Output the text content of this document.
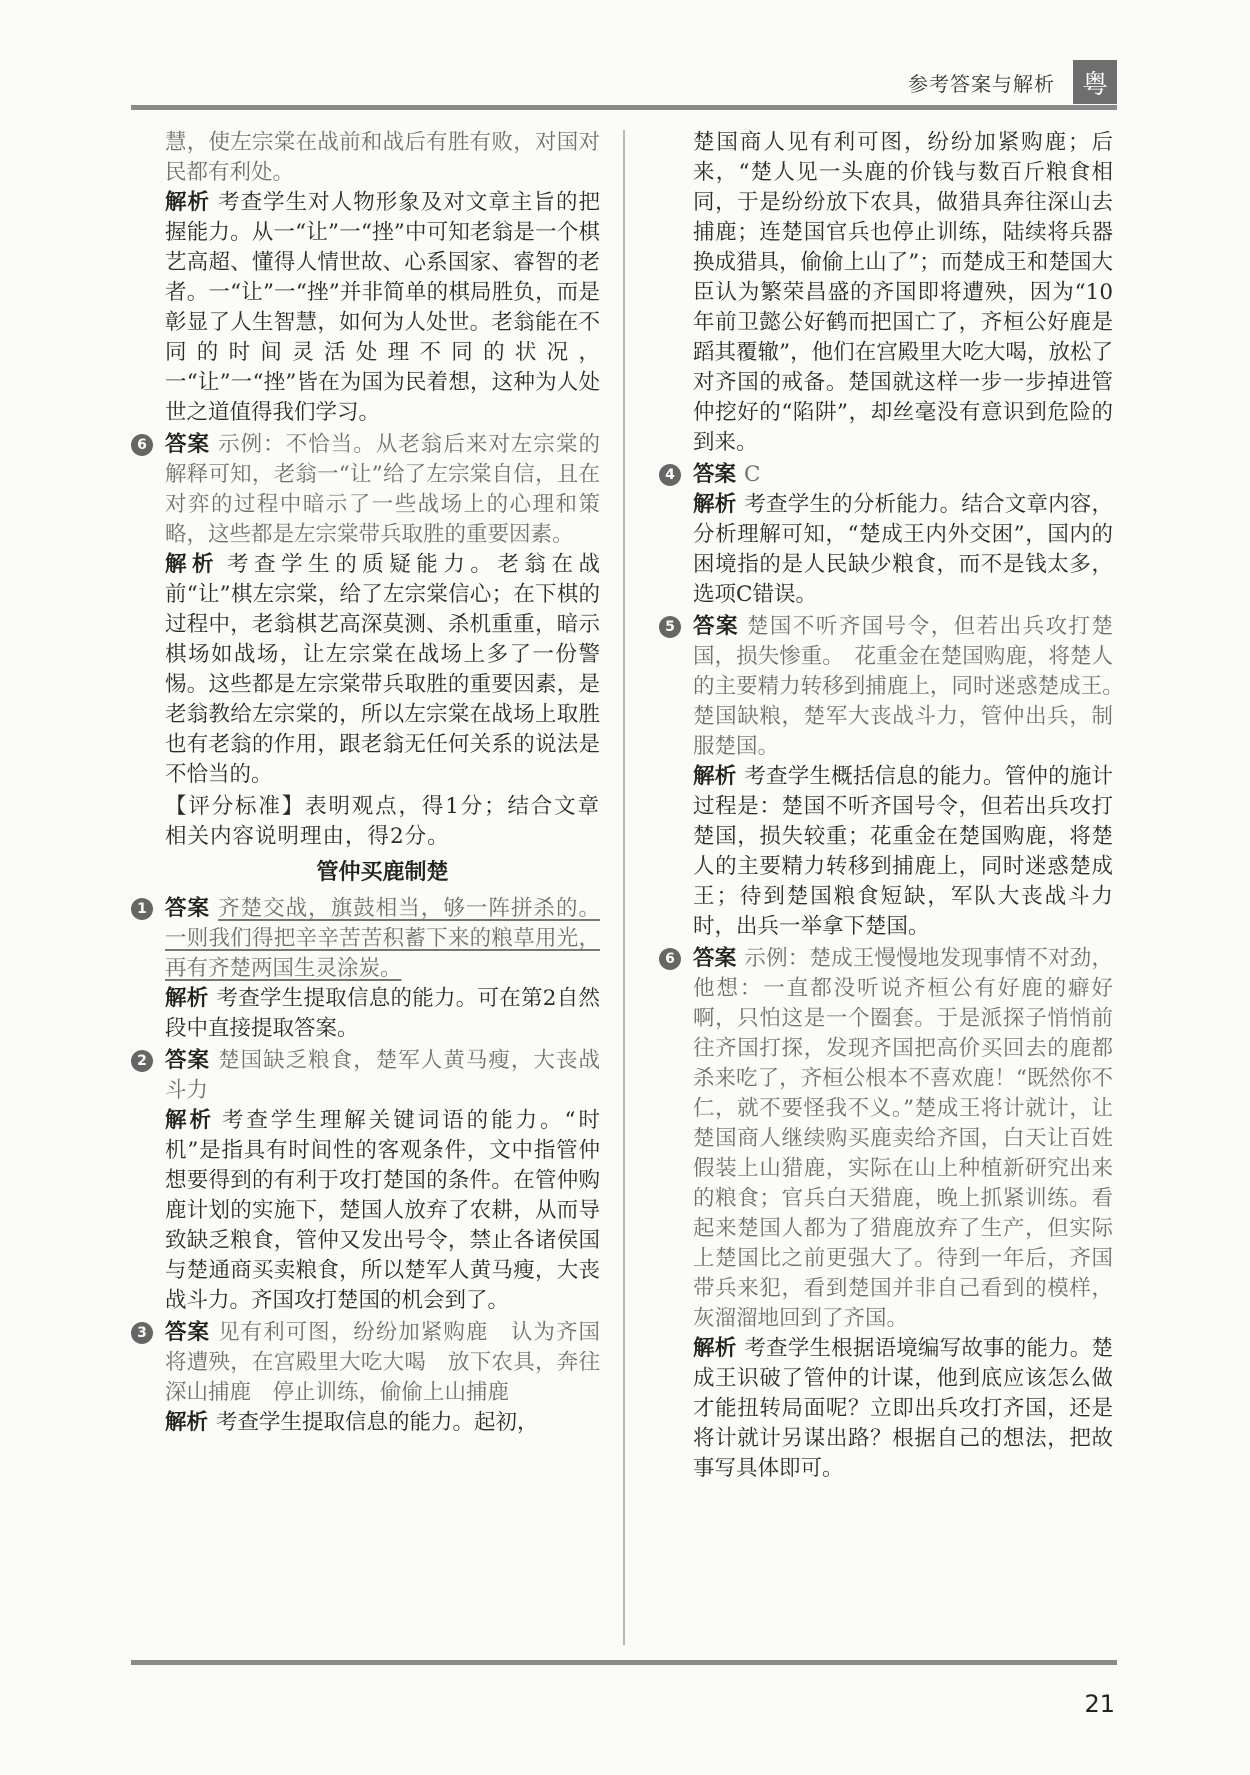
参考答案与解析	粤

慧，使左宗棠在战前和战后有胜有败，对国对民都有利处。

解析 考查学生对人物形象及对文章主旨的把握能力。从一“让”一“挫”中可知老翁是一个棋艺高超、懂得人情世故、心系国家、睿智的老者。一“让”一“挫”并非简单的棋局胜负，而是彰显了人生智慧，如何为人处世。老翁能在不同的时间灵活处理不同的状况，一“让”一“挫”皆在为国为民着想，这种为人处世之道值得我们学习。

6 答案 示例：不恰当。从老翁后来对左宗棠的解释可知，老翁一“让”给了左宗棠自信，且在对弈的过程中暗示了一些战场上的心理和策略，这些都是左宗棠带兵取胜的重要因素。

解析 考查学生的质疑能力。老翁在战前“让”棋左宗棠，给了左宗棠信心；在下棋的过程中，老翁棋艺高深莫测、杀机重重，暗示棋场如战场，让左宗棠在战场上多了一份警惕。这些都是左宗棠带兵取胜的重要因素，是老翁教给左宗棠的，所以左宗棠在战场上取胜也有老翁的作用，跟老翁无任何关系的说法是不恰当的。

【评分标准】表明观点，得1分；结合文章相关内容说明理由，得2分。

管仲买鹿制楚

1 答案 齐楚交战，旗鼓相当，够一阵拼杀的。一则我们得把辛辛苦苦积蓄下来的粮草用光，再有齐楚两国生灵涂炭。

解析 考查学生提取信息的能力。可在第2自然段中直接提取答案。

2 答案 楚国缺乏粮食，楚军人黄马瘦，大丧战斗力

解析 考查学生理解关键词语的能力。“时机”是指具有时间性的客观条件，文中指管仲想要得到的有利于攻打楚国的条件。在管仲购鹿计划的实施下，楚国人放弃了农耕，从而导致缺乏粮食，管仲又发出号令，禁止各诸侯国与楚通商买卖粮食，所以楚军人黄马瘦，大丧战斗力。齐国攻打楚国的机会到了。

3 答案 见有利可图，纷纷加紧购鹿　认为齐国将遭殃，在宫殿里大吃大喝　放下农具，奔往深山捕鹿　停止训练，偷偷上山捕鹿

解析 考查学生提取信息的能力。起初，

楚国商人见有利可图，纷纷加紧购鹿；后来，“楚人见一头鹿的价钱与数百斤粮食相同，于是纷纷放下农具，做猎具奔往深山去捕鹿；连楚国官兵也停止训练，陆续将兵器换成猎具，偷偷上山了”；而楚成王和楚国大臣认为繁荣昌盛的齐国即将遭殃，因为“10年前卫懿公好鹤而把国亡了，齐桓公好鹿是蹈其覆辙”，他们在宫殿里大吃大喝，放松了对齐国的戒备。楚国就这样一步一步掉进管仲挖好的“陷阱”，却丝毫没有意识到危险的到来。

4 答案 C

解析 考查学生的分析能力。结合文章内容，分析理解可知，“楚成王内外交困”，国内的困境指的是人民缺少粮食，而不是钱太多，选项C错误。

5 答案 楚国不听齐国号令，但若出兵攻打楚国，损失惨重。　花重金在楚国购鹿，将楚人的主要精力转移到捕鹿上，同时迷惑楚成王。　楚国缺粮，楚军大丧战斗力，管仲出兵，制服楚国。

解析 考查学生概括信息的能力。管仲的施计过程是：楚国不听齐国号令，但若出兵攻打楚国，损失较重；花重金在楚国购鹿，将楚人的主要精力转移到捕鹿上，同时迷惑楚成王；待到楚国粮食短缺，军队大丧战斗力时，出兵一举拿下楚国。

6 答案 示例：楚成王慢慢地发现事情不对劲，他想：一直都没听说齐桓公有好鹿的癖好啊，只怕这是一个圈套。于是派探子悄悄前往齐国打探，发现齐国把高价买回去的鹿都杀来吃了，齐桓公根本不喜欢鹿！“既然你不仁，就不要怪我不义。”楚成王将计就计，让楚国商人继续购买鹿卖给齐国，白天让百姓假装上山猎鹿，实际在山上种植新研究出来的粮食；官兵白天猎鹿，晚上抓紧训练。看起来楚国人都为了猎鹿放弃了生产，但实际上楚国比之前更强大了。待到一年后，齐国带兵来犯，看到楚国并非自己看到的模样，灰溜溜地回到了齐国。

解析 考查学生根据语境编写故事的能力。楚成王识破了管仲的计谋，他到底应该怎么做才能扭转局面呢？立即出兵攻打齐国，还是将计就计另谋出路？根据自己的想法，把故事写具体即可。

21
